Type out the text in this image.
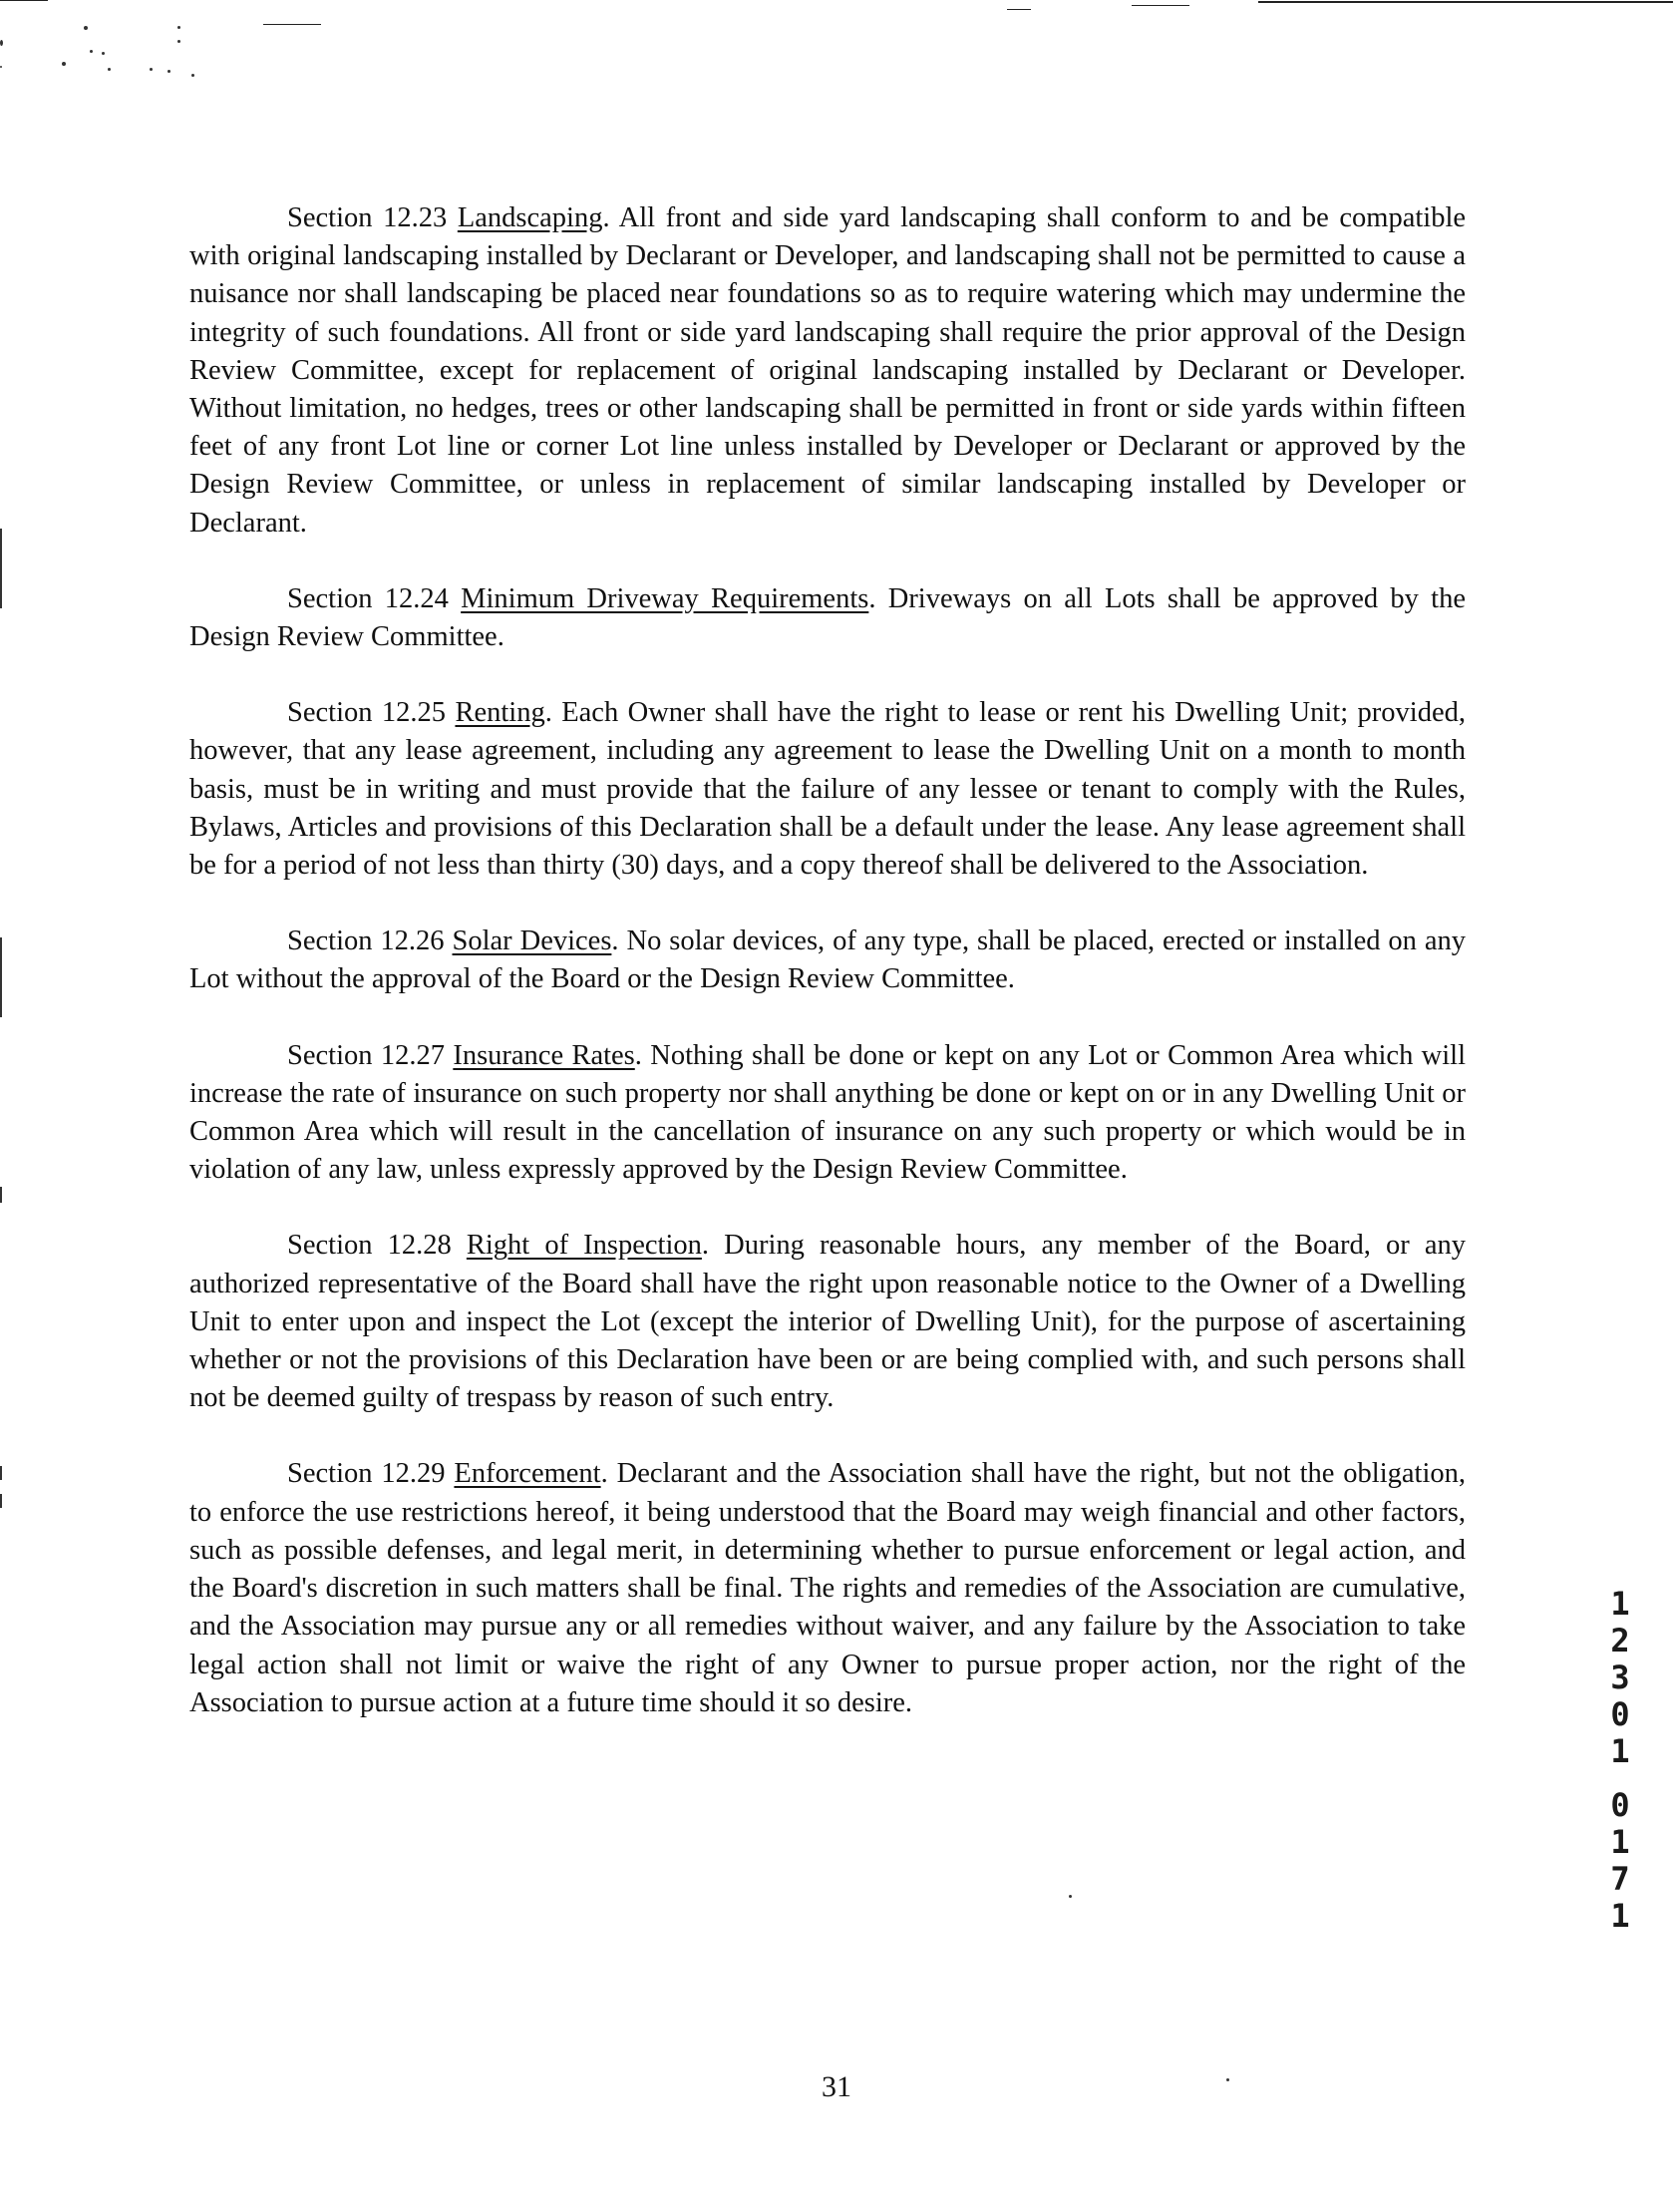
Section 12.23 Landscaping. All front and side yard landscaping shall conform to and be compatible with original landscaping installed by Declarant or Developer, and landscaping shall not be permitted to cause a nuisance nor shall landscaping be placed near foundations so as to require watering which may undermine the integrity of such foundations. All front or side yard landscaping shall require the prior approval of the Design Review Committee, except for replacement of original landscaping installed by Declarant or Developer. Without limitation, no hedges, trees or other landscaping shall be permitted in front or side yards within fifteen feet of any front Lot line or corner Lot line unless installed by Developer or Declarant or approved by the Design Review Committee, or unless in replacement of similar landscaping installed by Developer or Declarant.

Section 12.24 Minimum Driveway Requirements. Driveways on all Lots shall be approved by the Design Review Committee.

Section 12.25 Renting. Each Owner shall have the right to lease or rent his Dwelling Unit; provided, however, that any lease agreement, including any agreement to lease the Dwelling Unit on a month to month basis, must be in writing and must provide that the failure of any lessee or tenant to comply with the Rules, Bylaws, Articles and provisions of this Declaration shall be a default under the lease. Any lease agreement shall be for a period of not less than thirty (30) days, and a copy thereof shall be delivered to the Association.

Section 12.26 Solar Devices. No solar devices, of any type, shall be placed, erected or installed on any Lot without the approval of the Board or the Design Review Committee.

Section 12.27 Insurance Rates. Nothing shall be done or kept on any Lot or Common Area which will increase the rate of insurance on such property nor shall anything be done or kept on or in any Dwelling Unit or Common Area which will result in the cancellation of insurance on any such property or which would be in violation of any law, unless expressly approved by the Design Review Committee.

Section 12.28 Right of Inspection. During reasonable hours, any member of the Board, or any authorized representative of the Board shall have the right upon reasonable notice to the Owner of a Dwelling Unit to enter upon and inspect the Lot (except the interior of Dwelling Unit), for the purpose of ascertaining whether or not the provisions of this Declaration have been or are being complied with, and such persons shall not be deemed guilty of trespass by reason of such entry.

Section 12.29 Enforcement. Declarant and the Association shall have the right, but not the obligation, to enforce the use restrictions hereof, it being understood that the Board may weigh financial and other factors, such as possible defenses, and legal merit, in determining whether to pursue enforcement or legal action, and the Board's discretion in such matters shall be final. The rights and remedies of the Association are cumulative, and the Association may pursue any or all remedies without waiver, and any failure by the Association to take legal action shall not limit or waive the right of any Owner to pursue proper action, nor the right of the Association to pursue action at a future time should it so desire.

1
2
3
0
1
0
1
7
1
31
